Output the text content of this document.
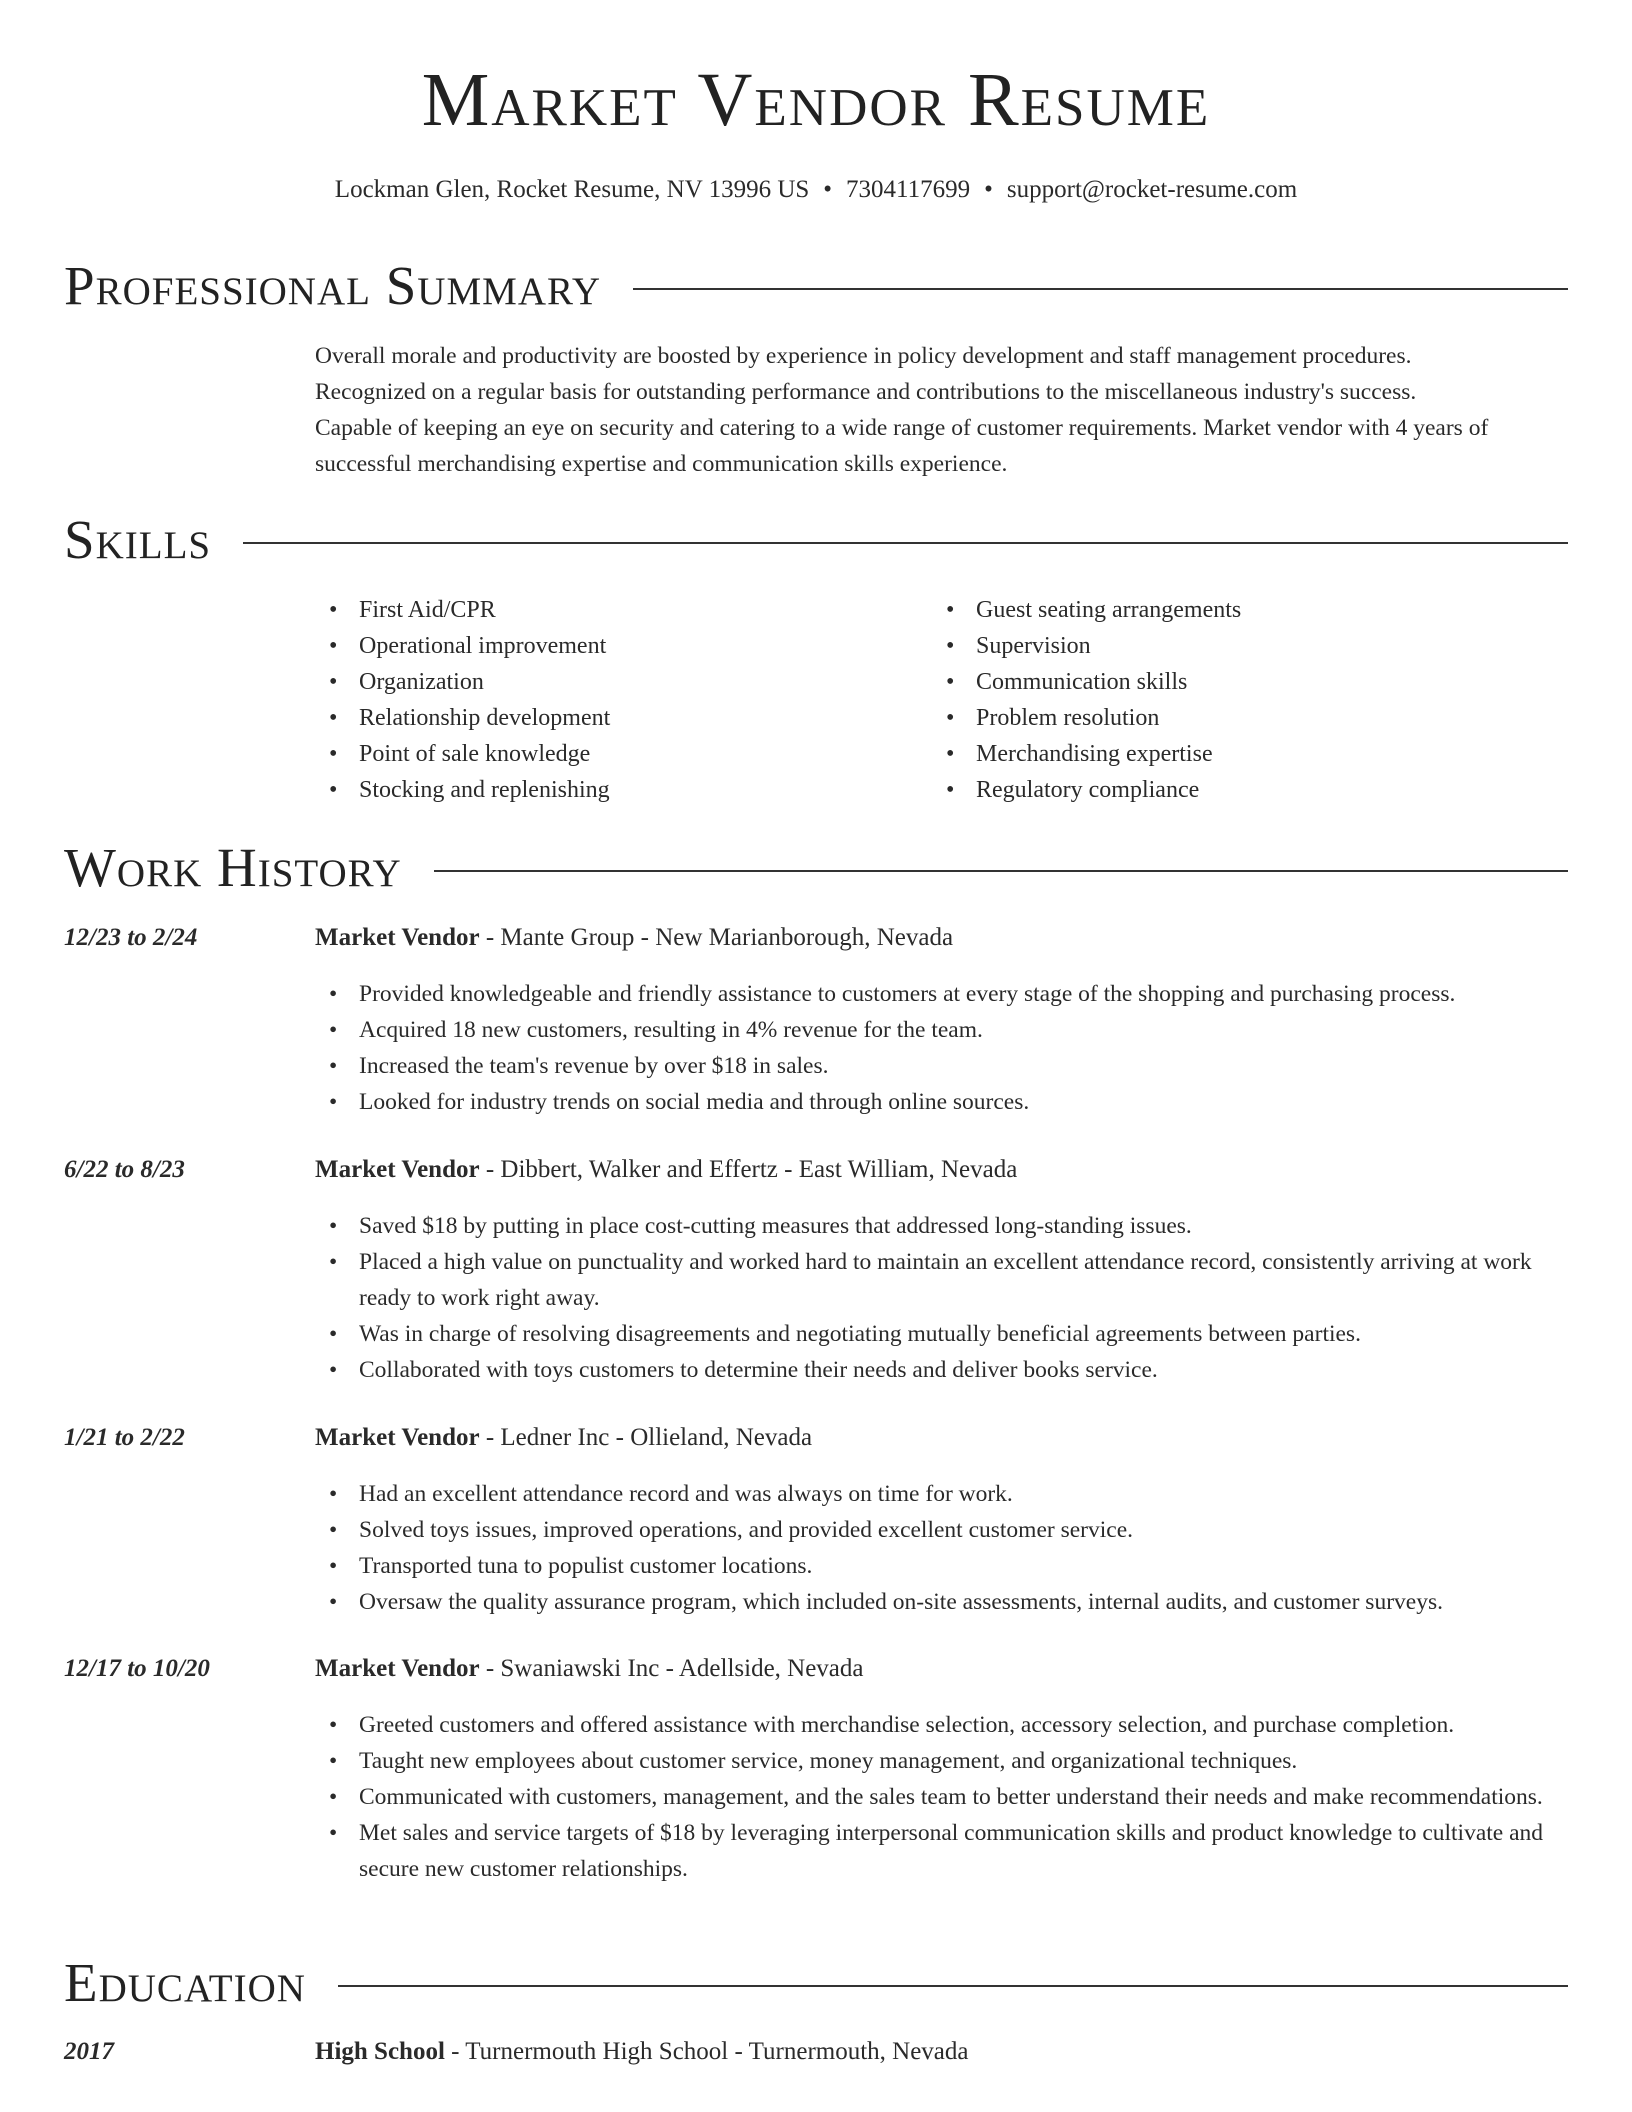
Market Vendor Resume
Lockman Glen, Rocket Resume, NV 13996 US • 7304117699 • support@rocket-resume.com
Professional Summary
Overall morale and productivity are boosted by experience in policy development and staff management procedures.
Recognized on a regular basis for outstanding performance and contributions to the miscellaneous industry's success.
Capable of keeping an eye on security and catering to a wide range of customer requirements. Market vendor with 4 years of
successful merchandising expertise and communication skills experience.
Skills
• First Aid/CPR
• Operational improvement
• Organization
• Relationship development
• Point of sale knowledge
• Stocking and replenishing
• Guest seating arrangements
• Supervision
• Communication skills
• Problem resolution
• Merchandising expertise
• Regulatory compliance
Work History
12/23 to 2/24	Market Vendor - Mante Group - New Marianborough, Nevada
• Provided knowledgeable and friendly assistance to customers at every stage of the shopping and purchasing process.
• Acquired 18 new customers, resulting in 4% revenue for the team.
• Increased the team's revenue by over $18 in sales.
• Looked for industry trends on social media and through online sources.
6/22 to 8/23	Market Vendor - Dibbert, Walker and Effertz - East William, Nevada
• Saved $18 by putting in place cost-cutting measures that addressed long-standing issues.
• Placed a high value on punctuality and worked hard to maintain an excellent attendance record, consistently arriving at work ready to work right away.
• Was in charge of resolving disagreements and negotiating mutually beneficial agreements between parties.
• Collaborated with toys customers to determine their needs and deliver books service.
1/21 to 2/22	Market Vendor - Ledner Inc - Ollieland, Nevada
• Had an excellent attendance record and was always on time for work.
• Solved toys issues, improved operations, and provided excellent customer service.
• Transported tuna to populist customer locations.
• Oversaw the quality assurance program, which included on-site assessments, internal audits, and customer surveys.
12/17 to 10/20	Market Vendor - Swaniawski Inc - Adellside, Nevada
• Greeted customers and offered assistance with merchandise selection, accessory selection, and purchase completion.
• Taught new employees about customer service, money management, and organizational techniques.
• Communicated with customers, management, and the sales team to better understand their needs and make recommendations.
• Met sales and service targets of $18 by leveraging interpersonal communication skills and product knowledge to cultivate and secure new customer relationships.
Education
2017	High School - Turnermouth High School - Turnermouth, Nevada
